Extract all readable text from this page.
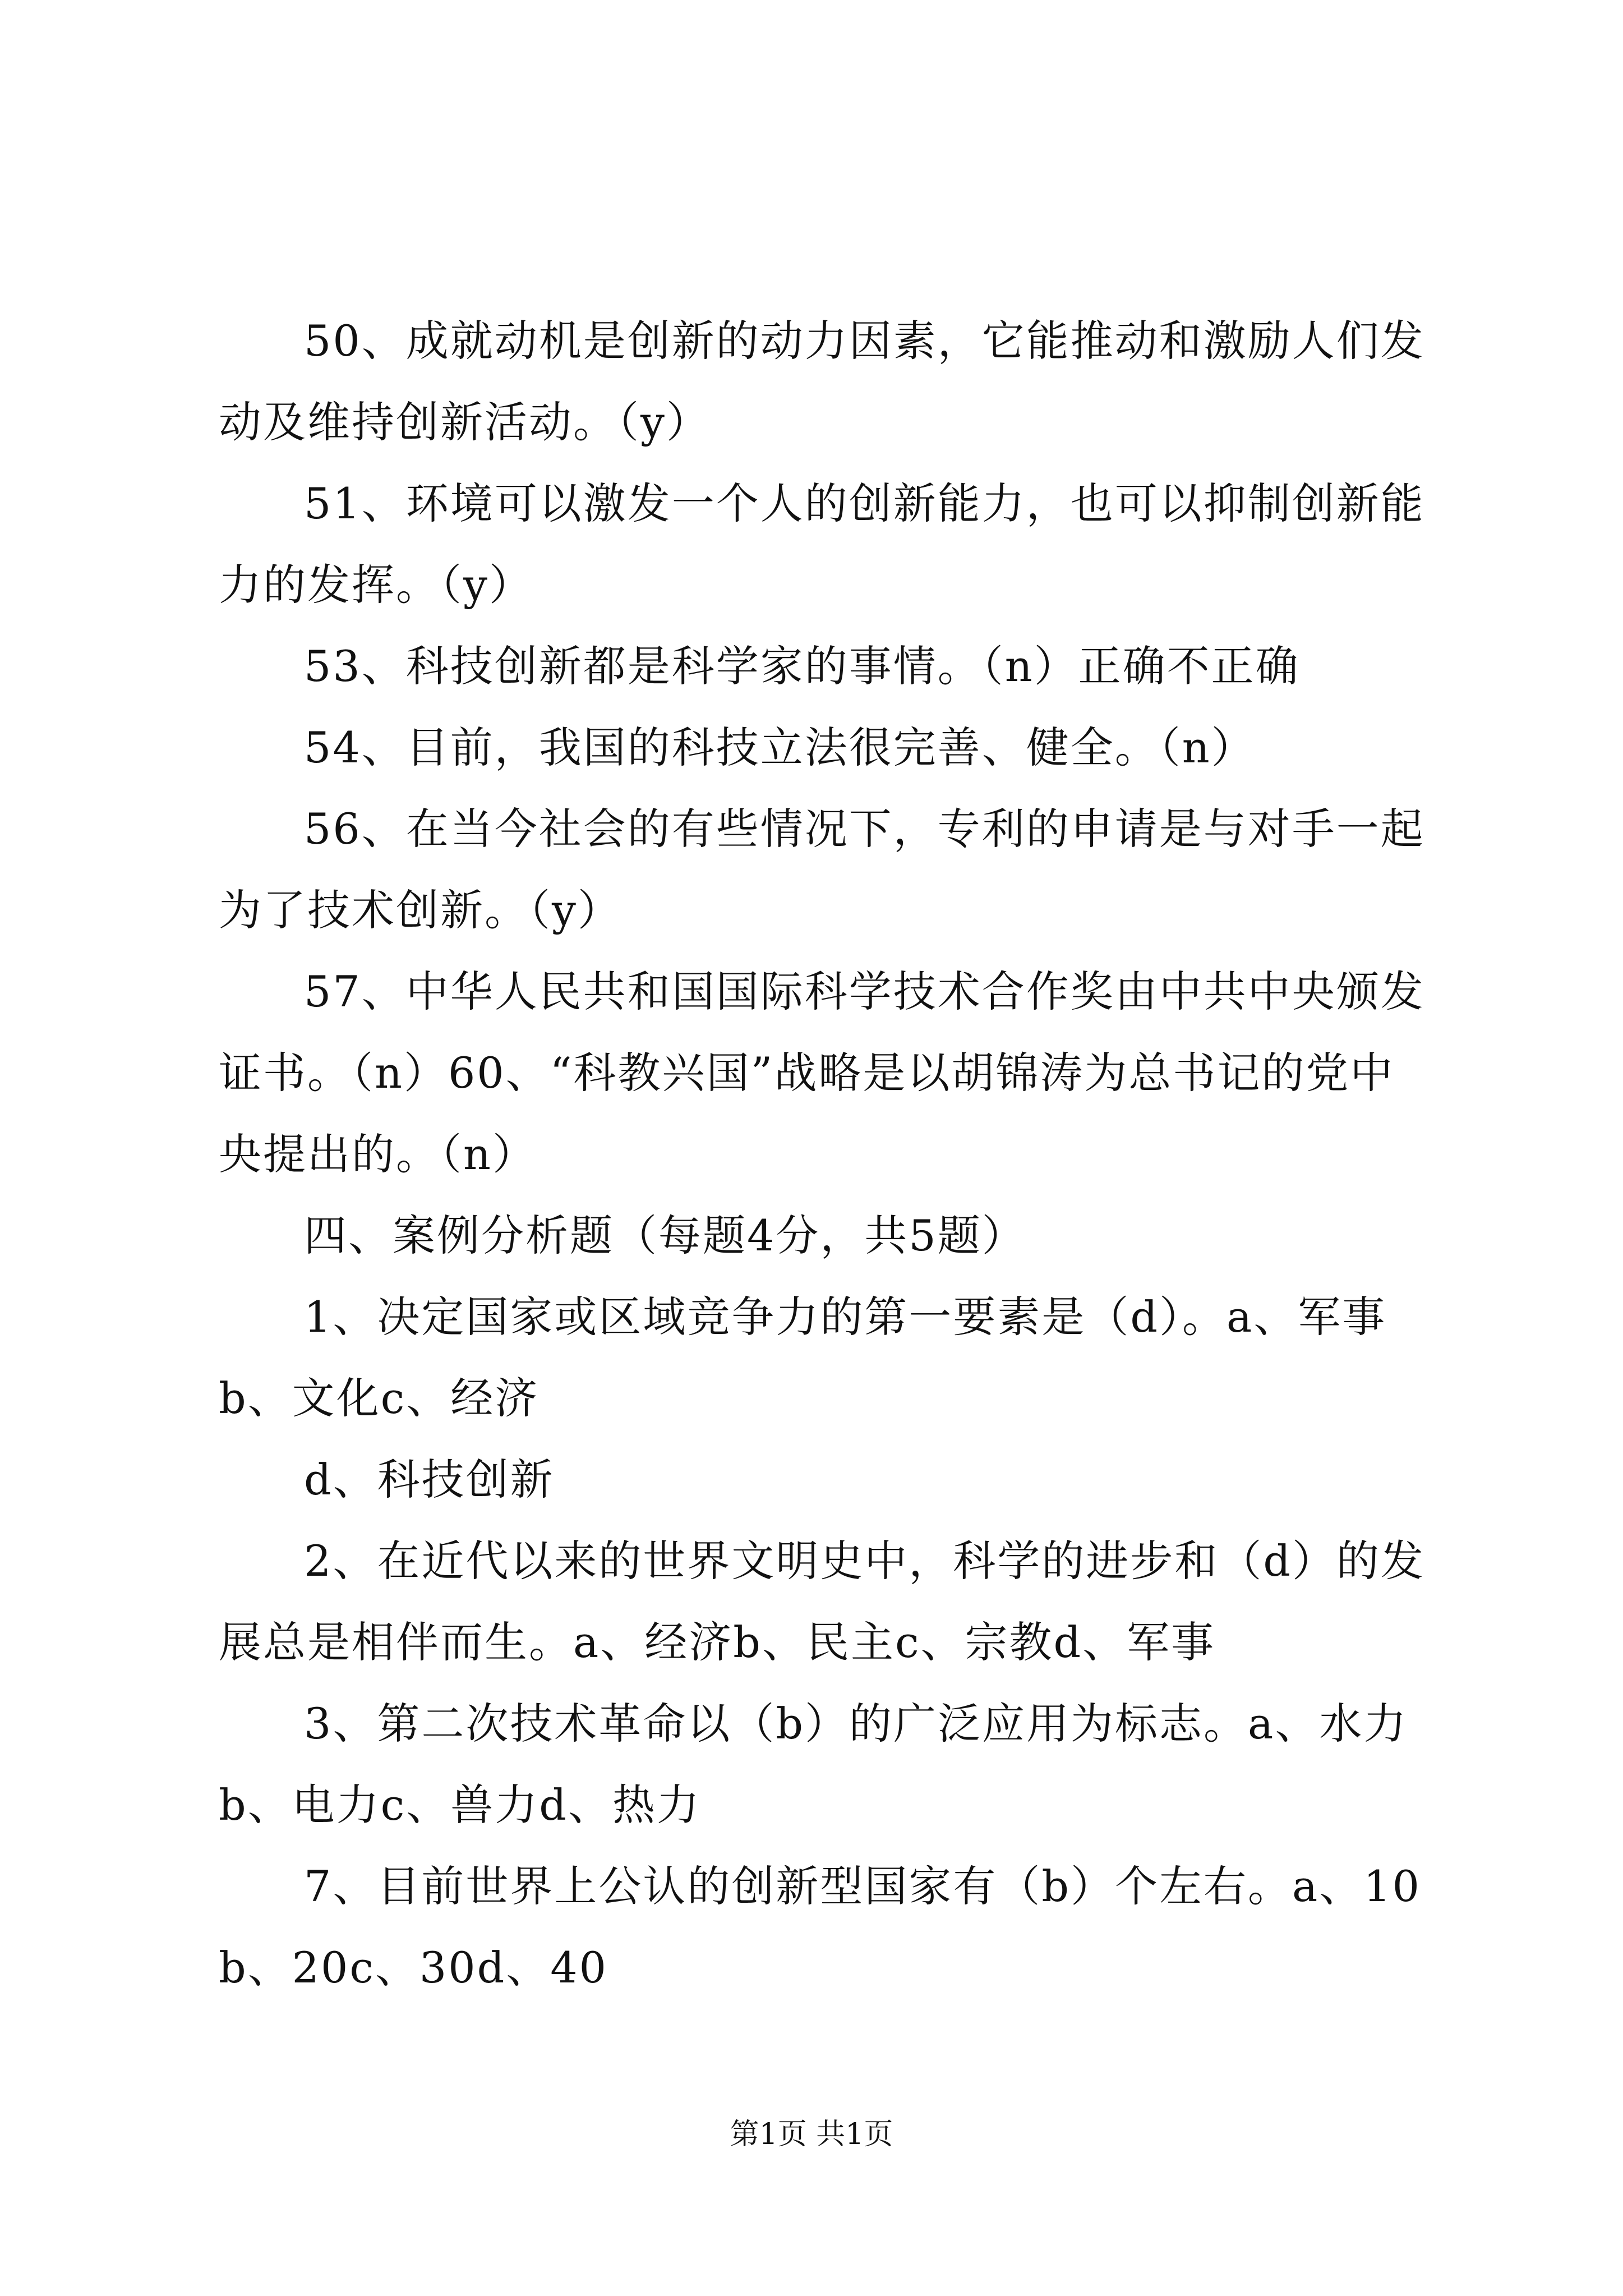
50、成就动机是创新的动力因素，它能推动和激励人们发动及维持创新活动。（y）

51、环境可以激发一个人的创新能力，也可以抑制创新能力的发挥。（y）

53、科技创新都是科学家的事情。（n）正确不正确

54、目前，我国的科技立法很完善、健全。（n）

56、在当今社会的有些情况下，专利的申请是与对手一起为了技术创新。（y）

57、中华人民共和国国际科学技术合作奖由中共中央颁发证书。（n）60、“科教兴国”战略是以胡锦涛为总书记的党中央提出的。（n）

四、案例分析题（每题4分，共5题）

1、决定国家或区域竞争力的第一要素是（d）。a、军事b、文化c、经济

d、科技创新

2、在近代以来的世界文明史中，科学的进步和（d）的发展总是相伴而生。a、经济b、民主c、宗教d、军事

3、第二次技术革命以（b）的广泛应用为标志。a、水力b、电力c、兽力d、热力

7、目前世界上公认的创新型国家有（b）个左右。a、10b、20c、30d、40

第1页 共1页
